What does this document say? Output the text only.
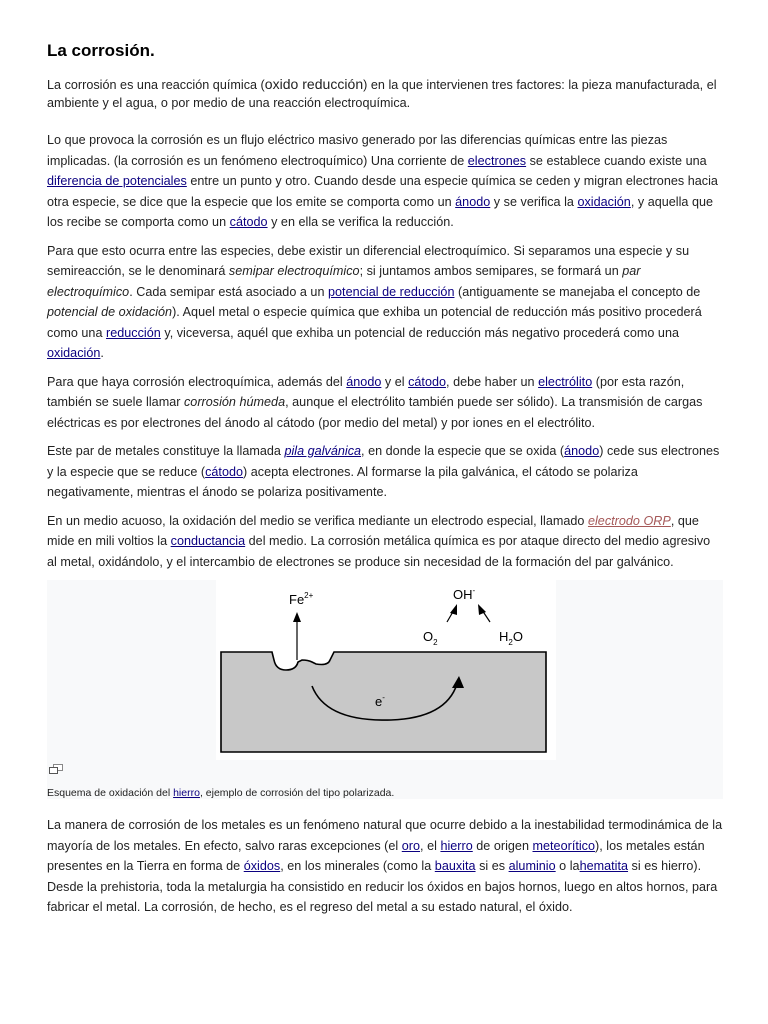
La corrosión.

La corrosión es una reacción química (oxido reducción) en la que intervienen tres factores: la pieza manufacturada, el ambiente y el agua, o por medio de una reacción electroquímica.

Lo que provoca la corrosión es un flujo eléctrico masivo generado por las diferencias químicas entre las piezas implicadas. (la corrosión es un fenómeno electroquímico) Una corriente de electrones se establece cuando existe una diferencia de potenciales entre un punto y otro. Cuando desde una especie química se ceden y migran electrones hacia otra especie, se dice que la especie que los emite se comporta como un ánodo y se verifica la oxidación, y aquella que los recibe se comporta como un cátodo y en ella se verifica la reducción.

Para que esto ocurra entre las especies, debe existir un diferencial electroquímico. Si separamos una especie y su semireacción, se le denominará semipar electroquímico; si juntamos ambos semipares, se formará un par electroquímico. Cada semipar está asociado a un potencial de reducción (antiguamente se manejaba el concepto de potencial de oxidación). Aquel metal o especie química que exhiba un potencial de reducción más positivo procederá como una reducción y, viceversa, aquél que exhiba un potencial de reducción más negativo procederá como una oxidación.

Para que haya corrosión electroquímica, además del ánodo y el cátodo, debe haber un electrólito (por esta razón, también se suele llamar corrosión húmeda, aunque el electrólito también puede ser sólido). La transmisión de cargas eléctricas es por electrones del ánodo al cátodo (por medio del metal) y por iones en el electrólito.

Este par de metales constituye la llamada pila galvánica, en donde la especie que se oxida (ánodo) cede sus electrones y la especie que se reduce (cátodo) acepta electrones. Al formarse la pila galvánica, el cátodo se polariza negativamente, mientras el ánodo se polariza positivamente.

En un medio acuoso, la oxidación del medio se verifica mediante un electrodo especial, llamado electrodo ORP, que mide en mili voltios la conductancia del medio. La corrosión metálica química es por ataque directo del medio agresivo al metal, oxidándolo, y el intercambio de electrones se produce sin necesidad de la formación del par galvánico.

$Fe^{2+}$	OH-
$O_2$	$H_2O$
e-
Esquema de oxidación del hierro, ejemplo de corrosión del tipo polarizada.

La manera de corrosión de los metales es un fenómeno natural que ocurre debido a la inestabilidad termodinámica de la mayoría de los metales. En efecto, salvo raras excepciones (el oro, el hierro de origen meteorítico), los metales están presentes en la Tierra en forma de óxidos, en los minerales (como la bauxita si es aluminio o lahematita si es hierro). Desde la prehistoria, toda la metalurgia ha consistido en reducir los óxidos en bajos hornos, luego en altos hornos, para fabricar el metal. La corrosión, de hecho, es el regreso del metal a su estado natural, el óxido.
